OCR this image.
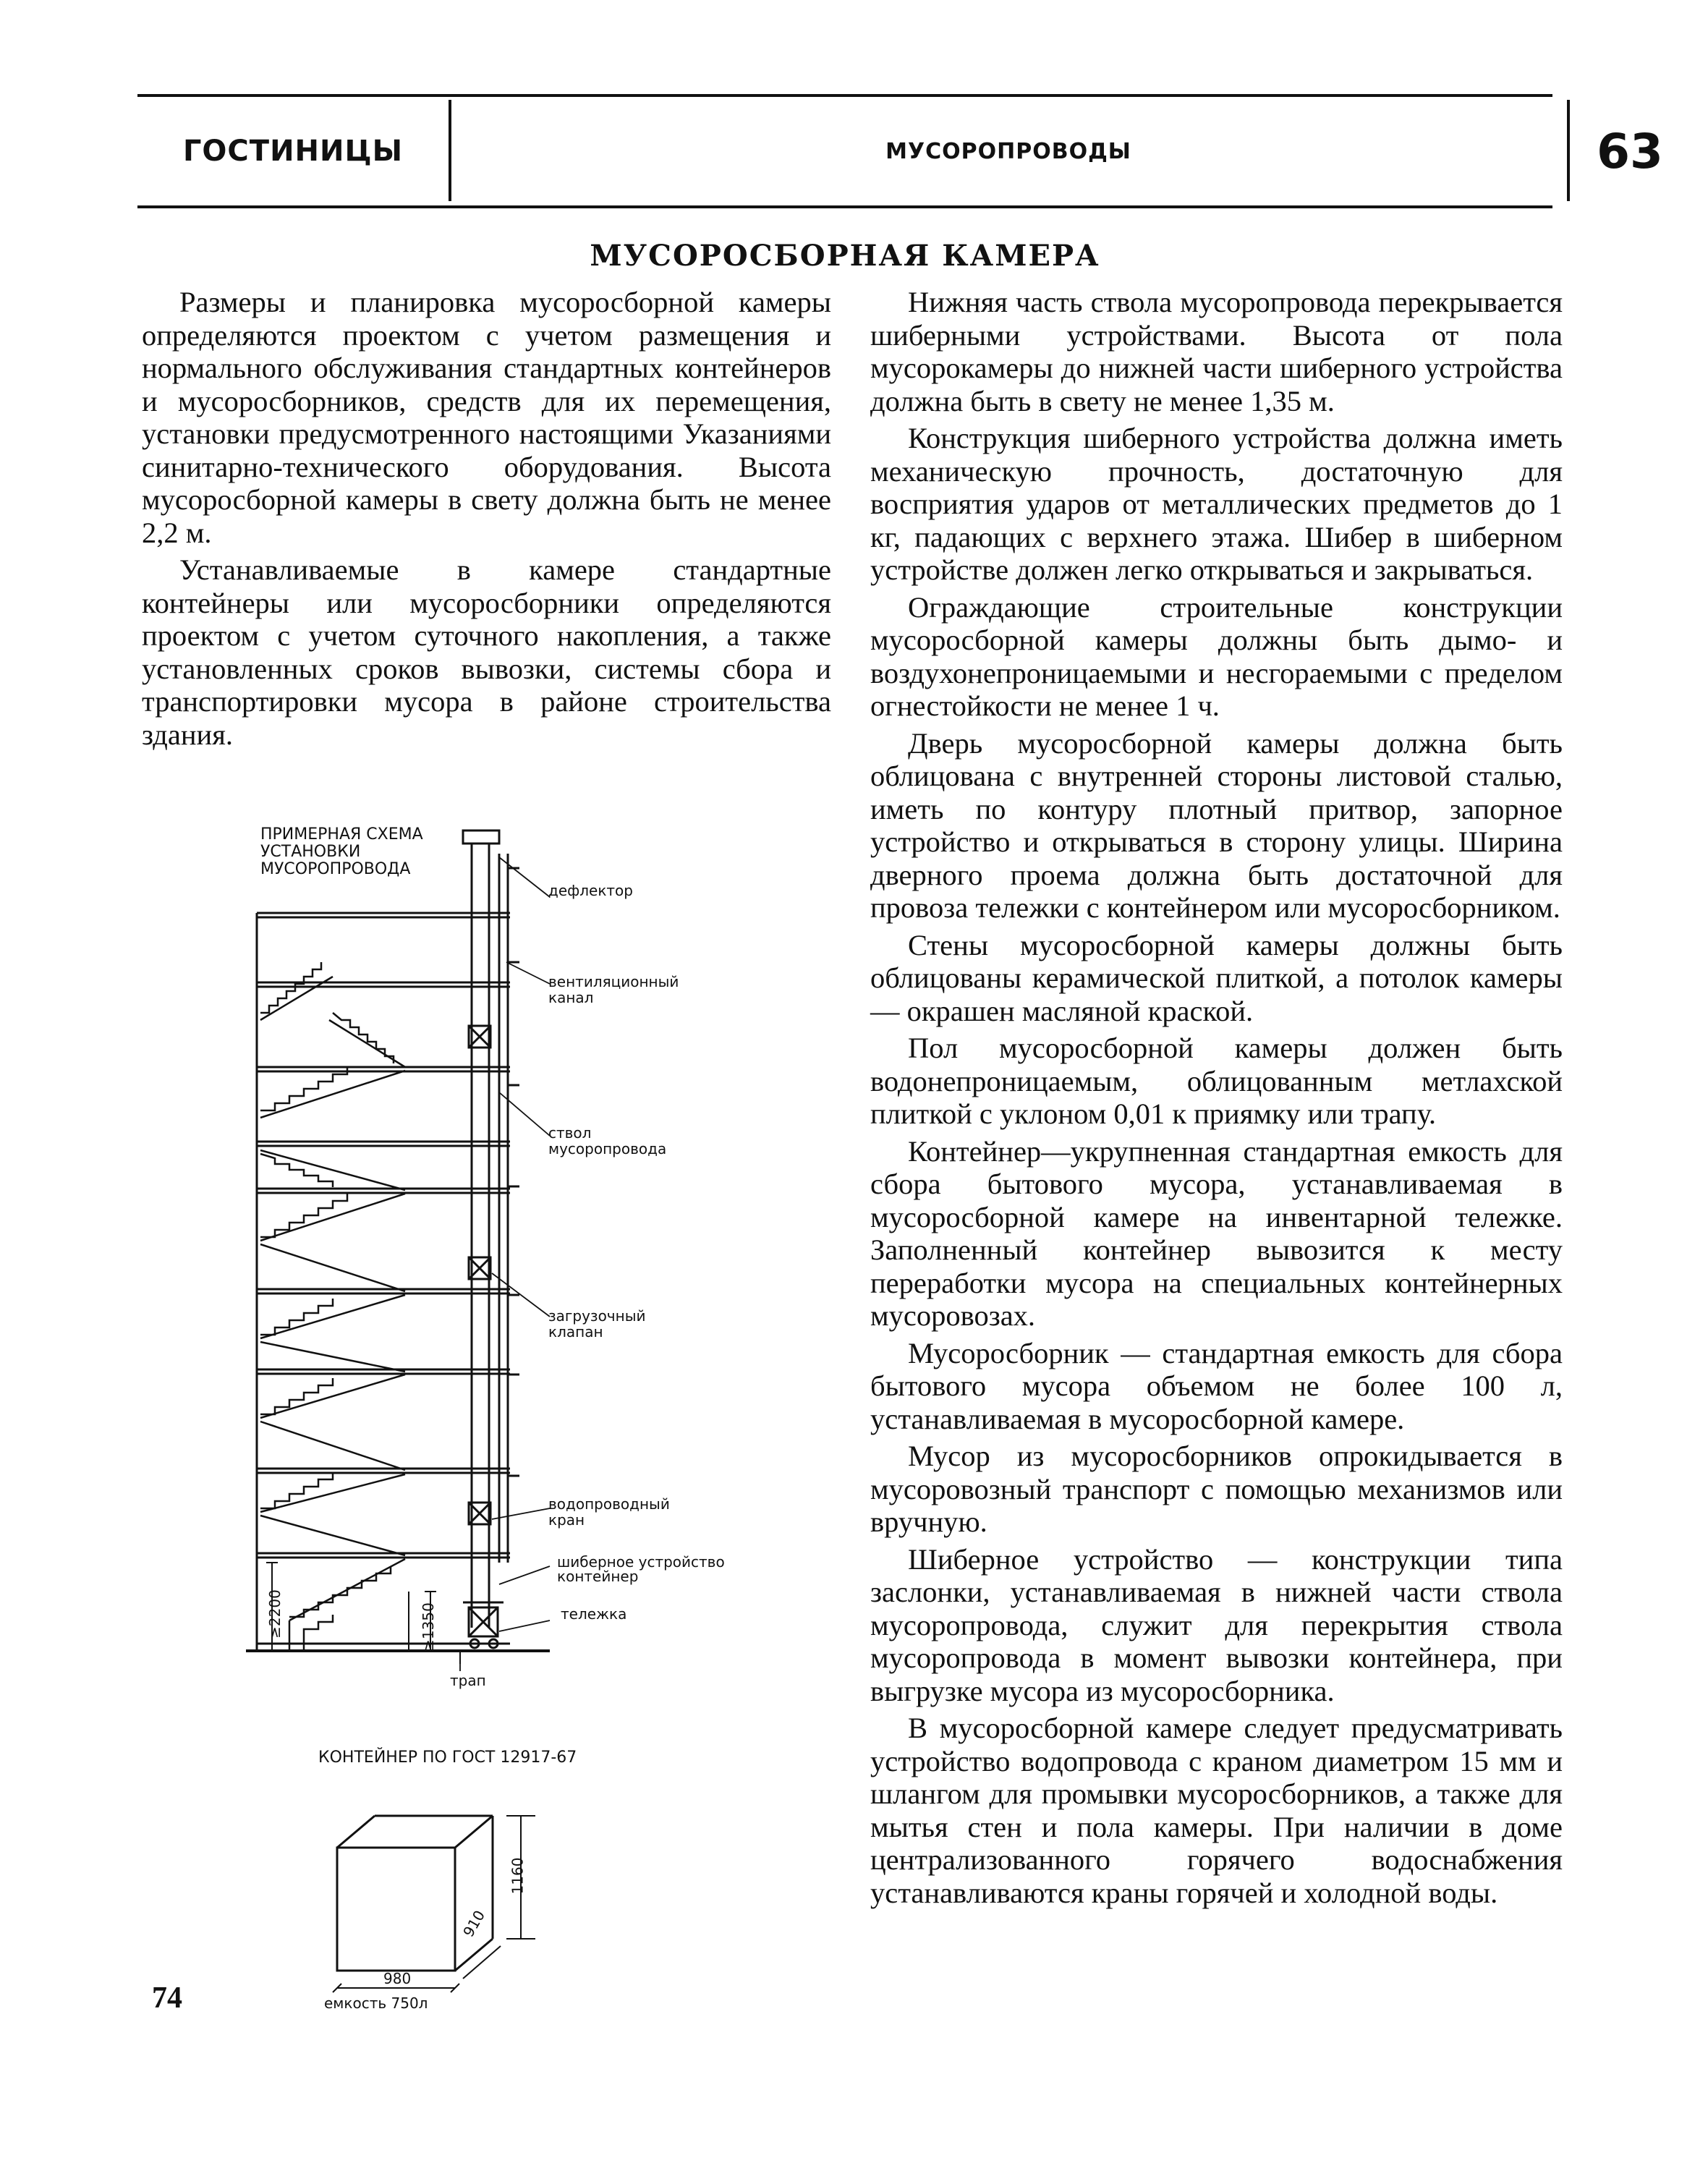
ГОСТИНИЦЫ	МУСОРОПРОВОДЫ	63
МУСОРОСБОРНАЯ КАМЕРА

Размеры и планировка мусоросборной камеры определяются проектом с учетом размещения и нормального обслуживания стандартных контейнеров и мусоросборников, средств для их перемещения, установки предусмотренного настоящими Указаниями синитарно-технического оборудования. Высота мусоросборной камеры в свету должна быть не менее 2,2 м.

Устанавливаемые в камере стандартные контейнеры или мусоросборники определяются проектом с учетом суточного накопления, а также установленных сроков вывозки, системы сбора и транспортировки мусора в районе строительства здания.

Нижняя часть ствола мусоропровода перекрывается шиберными устройствами. Высота от пола мусорокамеры до нижней части шиберного устройства должна быть в свету не менее 1,35 м.

Конструкция шиберного устройства должна иметь механическую прочность, достаточную для восприятия ударов от металлических предметов до 1 кг, падающих с верхнего этажа. Шибер в шиберном устройстве должен легко открываться и закрываться.

Ограждающие строительные конструкции мусоросборной камеры должны быть дымо- и воздухонепроницаемыми и несгораемыми с пределом огнестойкости не менее 1 ч.

Дверь мусоросборной камеры должна быть облицована с внутренней стороны листовой сталью, иметь по контуру плотный притвор, запорное устройство и открываться в сторону улицы. Ширина дверного проема должна быть достаточной для провоза тележки с контейнером или мусоросборником.

Стены мусоросборной камеры должны быть облицованы керамической плиткой, а потолок камеры — окрашен масляной краской.

Пол мусоросборной камеры должен быть водонепроницаемым, облицованным метлахской плиткой с уклоном 0,01 к приямку или трапу.

Контейнер—укрупненная стандартная емкость для сбора бытового мусора, устанавливаемая в мусоросборной камере на инвентарной тележке. Заполненный контейнер вывозится к месту переработки мусора на специальных контейнерных мусоровозах.

Мусоросборник — стандартная емкость для сбора бытового мусора объемом не более 100 л, устанавливаемая в мусоросборной камере.

Мусор из мусоросборников опрокидывается в мусоровозный транспорт с помощью механизмов или вручную.

Шиберное устройство — конструкции типа заслонки, устанавливаемая в нижней части ствола мусоропровода, служит для перекрытия ствола мусоропровода в момент вывозки контейнера, при выгрузке мусора из мусоросборника.

В мусоросборной камере следует предусматривать устройство водопровода с краном диаметром 15 мм и шлангом для промывки мусоросборников, а также для мытья стен и пола камеры. При наличии в доме централизованного горячего водоснабжения устанавливаются краны горячей и холодной воды.

ПРИМЕРНАЯ СХЕМА УСТАНОВКИ МУСОРОПРОВОДА
дефлектор
вентиляционный канал
ствол мусоропровода
загрузочный клапан
водопроводный кран
шиберное устройство
контейнер
тележка
трап
≥2200	≥1350
КОНТЕЙНЕР ПО ГОСТ 12917-67
980
910
1160
емкость 750л
74
